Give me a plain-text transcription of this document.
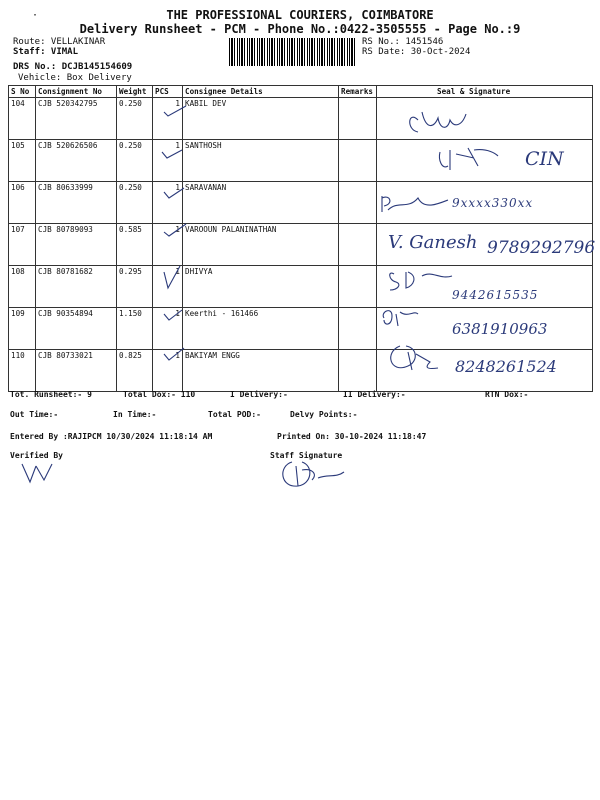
·	THE PROFESSIONAL COURIERS, COIMBATORE
Delivery Runsheet - PCM - Phone No.:0422-3505555 - Page No.:9
Route: VELLAKINAR
Staff: VIMAL
DRS No.: DCJB145154609
Vehicle: Box Delivery
RS No.: 1451546
RS Date: 30-Oct-2024
S No	Consignment No	Weight	PCS	Consignee Details	Remarks	Seal & Signature
104	CJB 520342795	0.250	1	KABIL DEV		
105	CJB 520626506	0.250	1	SANTHOSH		
106	CJB 80633999	0.250	1	SARAVANAN		
107	CJB 80789093	0.585	1	VAROOUN PALANINATHAN		
108	CJB 80781682	0.295	1	DHIVYA		
109	CJB 90354894	1.150	1	Keerthi - 161466		
110	CJB 80733021	0.825	1	BAKIYAM ENGG		
CIN
9xxxx330xx
V. Ganesh 9789292796
9442615535
6381910963
8248261524
Tot. Runsheet:- 9	Total Dox:- 110	I Delivery:-	II Delivery:-	RTN Dox:-
Out Time:-	In Time:-	Total POD:-	Delvy Points:-
Entered By :RAJIPCM 10/30/2024 11:18:14 AM	Printed On: 30-10-2024 11:18:47
Verified By	Staff Signature
